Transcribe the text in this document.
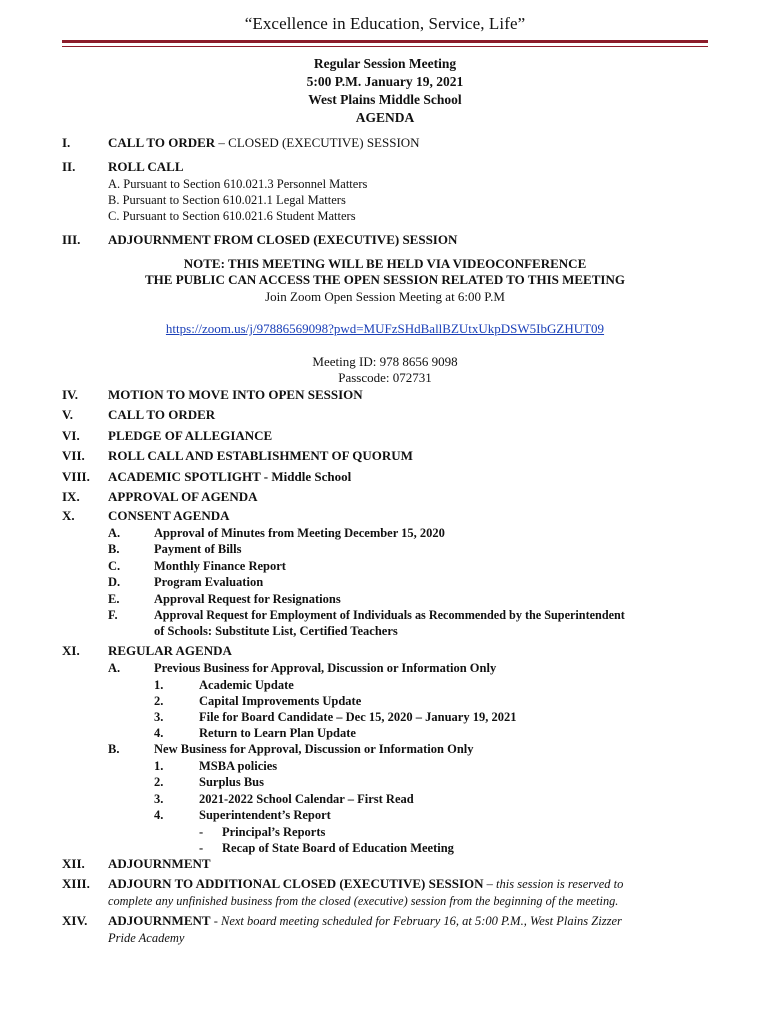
“Excellence in Education, Service, Life”
Regular Session Meeting
5:00 P.M. January 19, 2021
West Plains Middle School
AGENDA
I.	CALL TO ORDER – CLOSED (EXECUTIVE) SESSION
II.	ROLL CALL
A. Pursuant to Section 610.021.3 Personnel Matters
B. Pursuant to Section 610.021.1 Legal Matters
C. Pursuant to Section 610.021.6 Student Matters
III. ADJOURNMENT FROM CLOSED (EXECUTIVE) SESSION
NOTE: THIS MEETING WILL BE HELD VIA VIDEOCONFERENCE
THE PUBLIC CAN ACCESS THE OPEN SESSION RELATED TO THIS MEETING
Join Zoom Open Session Meeting at 6:00 P.M
https://zoom.us/j/97886569098?pwd=MUFzSHdBallBZUtxUkpDSW5IbGZHUT09
Meeting ID: 978 8656 9098
Passcode: 072731
IV. MOTION TO MOVE INTO OPEN SESSION
V.	CALL TO ORDER
VI. PLEDGE OF ALLEGIANCE
VII. ROLL CALL AND ESTABLISHMENT OF QUORUM
VIII. ACADEMIC SPOTLIGHT - Middle School
IX. APPROVAL OF AGENDA
X.	CONSENT AGENDA
A.	Approval of Minutes from Meeting December 15, 2020
B.	Payment of Bills
C.	Monthly Finance Report
D.	Program Evaluation
E.	Approval Request for Resignations
F.	Approval Request for Employment of Individuals as Recommended by the Superintendent
of Schools: Substitute List, Certified Teachers
XI. REGULAR AGENDA
A.	Previous Business for Approval, Discussion or Information Only
1.	Academic Update
2.	Capital Improvements Update
3.	File for Board Candidate – Dec 15, 2020 – January 19, 2021
4.	Return to Learn Plan Update
B.	New Business for Approval, Discussion or Information Only
1.	MSBA policies
2.	Surplus Bus
3.	2021-2022 School Calendar – First Read
4.	Superintendent’s Report
- Principal’s Reports
- Recap of State Board of Education Meeting
XII. ADJOURNMENT
XIII. ADJOURN TO ADDITIONAL CLOSED (EXECUTIVE) SESSION – this session is reserved to
complete any unfinished business from the closed (executive) session from the beginning of the meeting.
XIV. ADJOURNMENT - Next board meeting scheduled for February 16, at 5:00 P.M., West Plains Zizzer
Pride Academy
